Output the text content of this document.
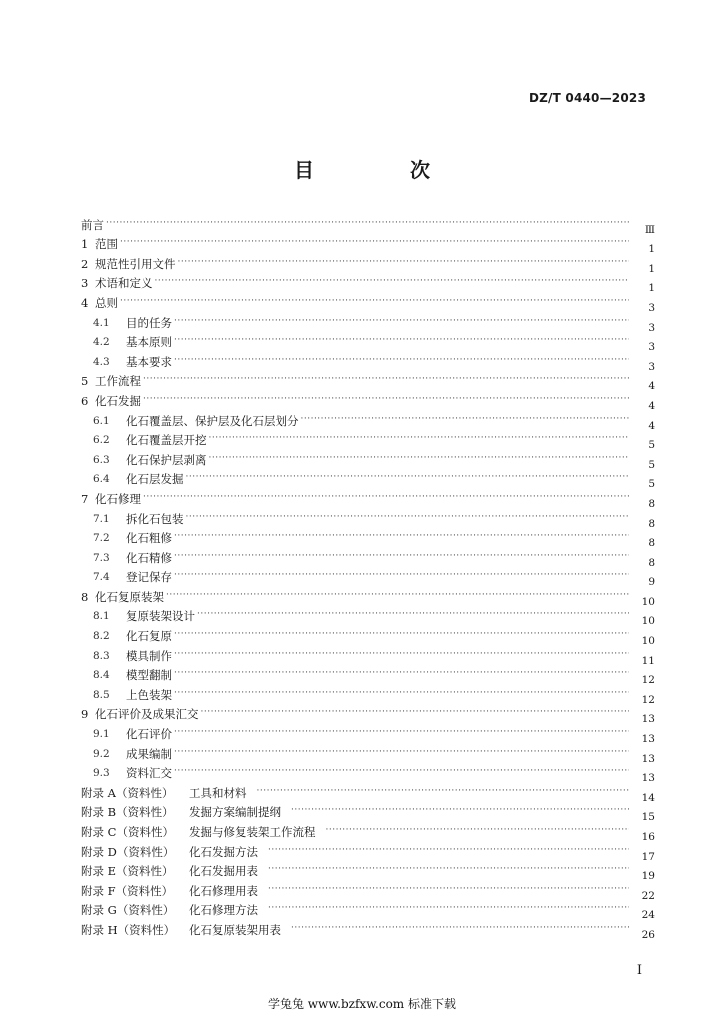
DZ/T 0440—2023
目　次
前言 ·····	Ⅲ
1 范围 ·····	1
2 规范性引用文件 ·····	1
3 术语和定义 ·····	1
4 总则 ·····	3
4.1	目的任务 ·····	3
4.2	基本原则 ·····	3
4.3	基本要求 ·····	3
5 工作流程 ·····	4
6 化石发掘 ·····	4
6.1	化石覆盖层、保护层及化石层划分 ·····	4
6.2	化石覆盖层开挖 ·····	5
6.3	化石保护层剥离 ·····	5
6.4	化石层发掘 ·····	5
7 化石修理 ·····	8
7.1	拆化石包装 ·····	8
7.2	化石粗修 ·····	8
7.3	化石精修 ·····	8
7.4	登记保存 ·····	9
8 化石复原装架 ·····	10
8.1	复原装架设计 ·····	10
8.2	化石复原 ·····	10
8.3	模具制作 ·····	11
8.4	模型翻制 ·····	12
8.5	上色装架 ·····	12
9 化石评价及成果汇交 ·····	13
9.1	化石评价 ·····	13
9.2	成果编制 ·····	13
9.3	资料汇交 ·····	13
附录 A（资料性）	工具和材料 ·····	14
附录 B（资料性）	发掘方案编制提纲 ·····	15
附录 C（资料性）	发掘与修复装架工作流程 ·····	16
附录 D（资料性）	化石发掘方法 ·····	17
附录 E（资料性）	化石发掘用表 ·····	19
附录 F（资料性）	化石修理用表 ·····	22
附录 G（资料性）	化石修理方法 ·····	24
附录 H（资料性）	化石复原装架用表 ·····	26
I
学兔兔 www.bzfxw.com 标准下载
